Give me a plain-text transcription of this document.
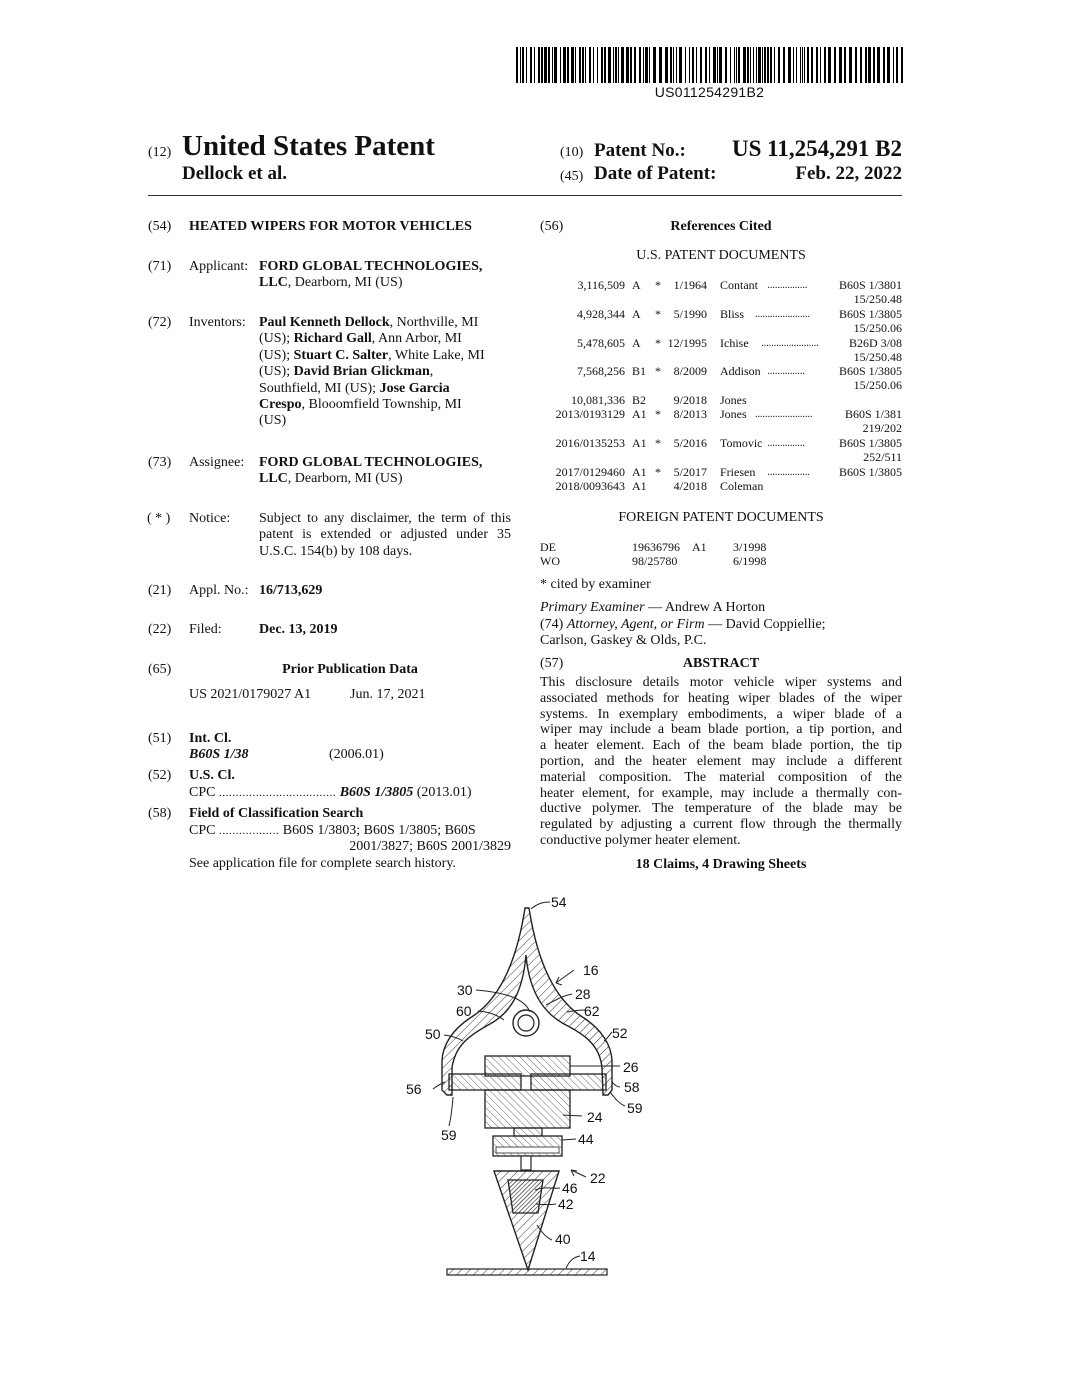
US011254291B2
(12) United States Patent
Dellock et al.
(10) Patent No.:	US 11,254,291 B2
(45) Date of Patent:	Feb. 22, 2022
(54) HEATED WIPERS FOR MOTOR VEHICLES
(71) Applicant: FORD GLOBAL TECHNOLOGIES,
LLC, Dearborn, MI (US)
(72) Inventors: Paul Kenneth Dellock, Northville, MI
(US); Richard Gall, Ann Arbor, MI
(US); Stuart C. Salter, White Lake, MI
(US); David Brian Glickman,
Southfield, MI (US); Jose Garcia
Crespo, Blooomfield Township, MI
(US)
(73) Assignee: FORD GLOBAL TECHNOLOGIES,
LLC, Dearborn, MI (US)
( * ) Notice: Subject to any disclaimer, the term of this
patent is extended or adjusted under 35
U.S.C. 154(b) by 108 days.
(21) Appl. No.: 16/713,629
(22) Filed:	Dec. 13, 2019
(65)	Prior Publication Data
US 2021/0179027 A1	Jun. 17, 2021
(51) Int. Cl.
B60S 1/38	(2006.01)
(52) U.S. Cl.
CPC ................................... B60S 1/3805 (2013.01)
(58) Field of Classification Search
CPC .................. B60S 1/3803; B60S 1/3805; B60S
2001/3827; B60S 2001/3829
See application file for complete search history.
(56)	References Cited
U.S. PATENT DOCUMENTS
3,116,509 A * 1/1964 Contant ................	B60S 1/3801
15/250.48
4,928,344 A * 5/1990 Bliss ...................... B60S 1/3805
15/250.06
5,478,605 A * 12/1995 Ichise .......................	B26D 3/08
15/250.48
7,568,256 B1 * 8/2009 Addison ...............	B60S 1/3805
15/250.06
10,081,336 B2 9/2018 Jones
2013/0193129 A1 * 8/2013 Jones .......................	B60S 1/381
219/202
2016/0135253 A1 * 5/2016 Tomovic ...............	B60S 1/3805
252/511
2017/0129460 A1 * 5/2017 Friesen ................. B60S 1/3805
2018/0093643 A1 4/2018 Coleman
FOREIGN PATENT DOCUMENTS
DE	19636796 A1 3/1998
WO	98/25780	6/1998
* cited by examiner
Primary Examiner — Andrew A Horton
(74) Attorney, Agent, or Firm — David Coppiellie;
Carlson, Gaskey & Olds, P.C.
(57)	ABSTRACT
This disclosure details motor vehicle wiper systems and
associated methods for heating wiper blades of the wiper
systems. In exemplary embodiments, a wiper blade of a
wiper may include a beam blade portion, a tip portion, and
a heater element. Each of the beam blade portion, the tip
portion, and the heater element may include a different
material composition. The material composition of the
heater element, for example, may include a thermally con-
ductive polymer. The temperature of the blade may be
regulated by adjusting a current flow through the thermally
conductive polymer heater element.
18 Claims, 4 Drawing Sheets
54
16
30	28
60	62
50	52
26
56	58
59
24
59	44
22
46
42
40
14
